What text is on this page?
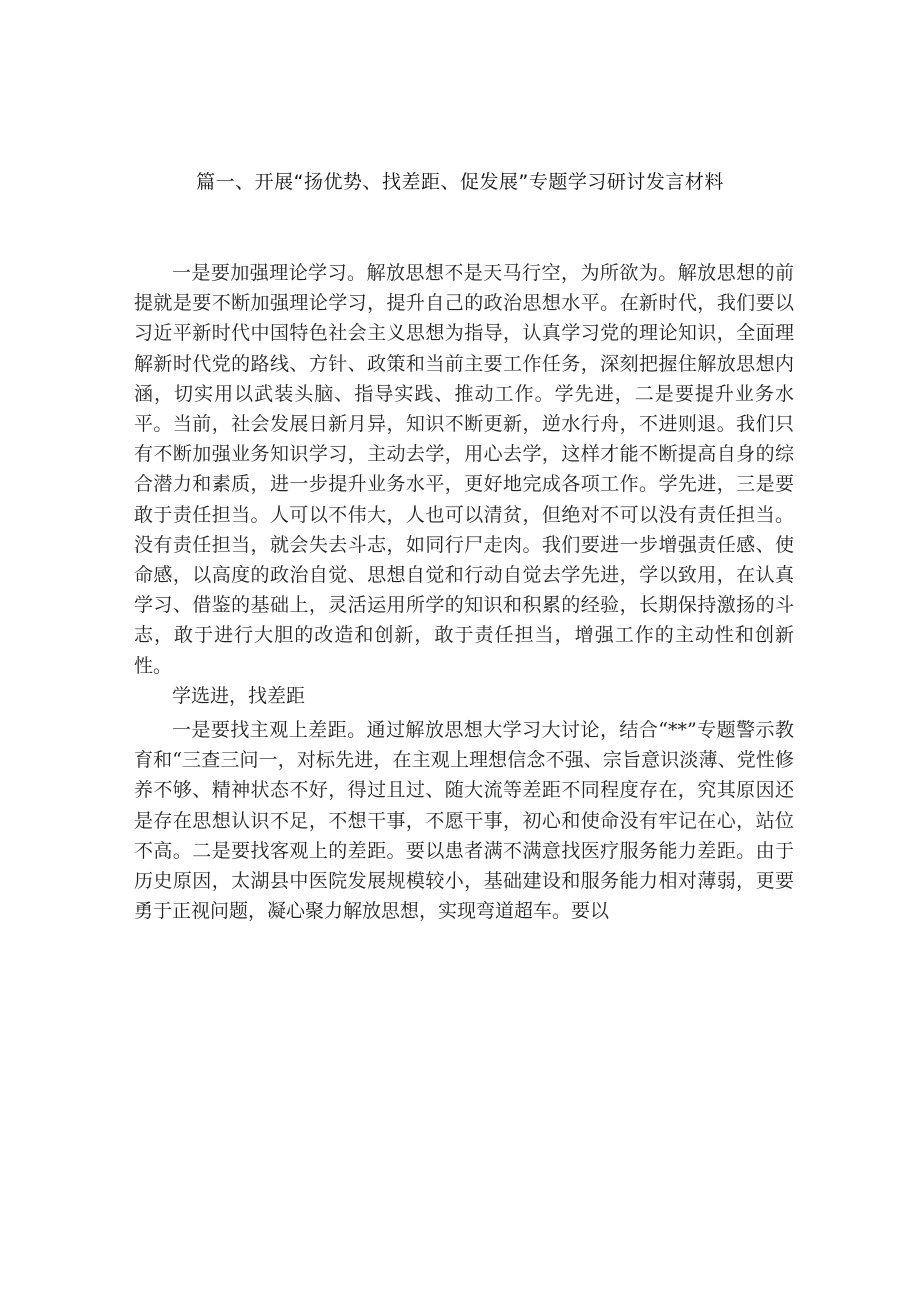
篇一、开展“扬优势、找差距、促发展”专题学习研讨发言材料

一是要加强理论学习。解放思想不是天马行空，为所欲为。解放思想的前提就是要不断加强理论学习，提升自己的政治思想水平。在新时代，我们要以习近平新时代中国特色社会主义思想为指导，认真学习党的理论知识，全面理解新时代党的路线、方针、政策和当前主要工作任务，深刻把握住解放思想内涵，切实用以武装头脑、指导实践、推动工作。学先进，二是要提升业务水平。当前，社会发展日新月异，知识不断更新，逆水行舟，不进则退。我们只有不断加强业务知识学习，主动去学，用心去学，这样才能不断提高自身的综合潜力和素质，进一步提升业务水平，更好地完成各项工作。学先进，三是要敢于责任担当。人可以不伟大，人也可以清贫，但绝对不可以没有责任担当。没有责任担当，就会失去斗志，如同行尸走肉。我们要进一步增强责任感、使命感，以高度的政治自觉、思想自觉和行动自觉去学先进，学以致用，在认真学习、借鉴的基础上，灵活运用所学的知识和积累的经验，长期保持激扬的斗志，敢于进行大胆的改造和创新，敢于责任担当，增强工作的主动性和创新性。

学选进，找差距

一是要找主观上差距。通过解放思想大学习大讨论，结合“**”专题警示教育和“三查三问一，对标先进，在主观上理想信念不强、宗旨意识淡薄、党性修养不够、精神状态不好，得过且过、随大流等差距不同程度存在，究其原因还是存在思想认识不足，不想干事，不愿干事，初心和使命没有牢记在心，站位不高。二是要找客观上的差距。要以患者满不满意找医疗服务能力差距。由于历史原因，太湖县中医院发展规模较小，基础建设和服务能力相对薄弱，更要勇于正视问题，凝心聚力解放思想，实现弯道超车。要以
